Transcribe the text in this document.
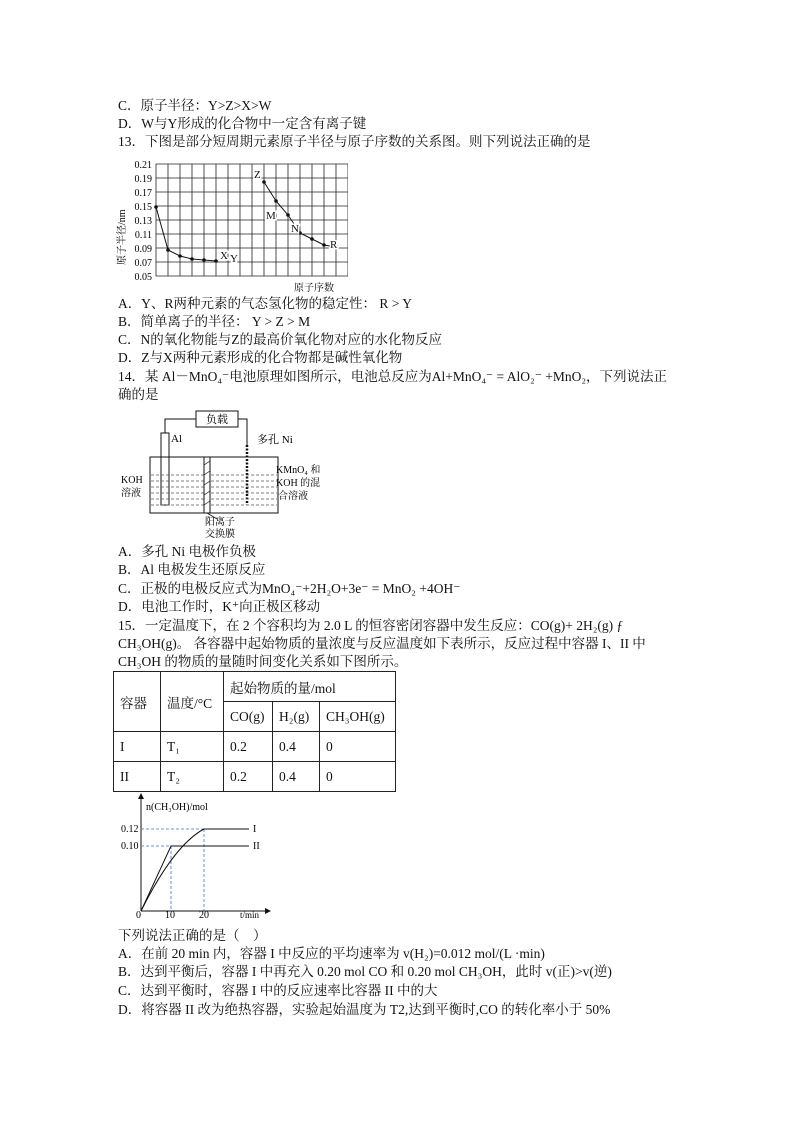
C．原子半径：Y>Z>X>W
D．W与Y形成的化合物中一定含有离子键
13．下图是部分短周期元素原子半径与原子序数的关系图。则下列说法正确的是
0.21
0.19
0.17
0.15
0.13
0.11
0.09
0.07
0.05
原子半径/nm
原子序数
X Y
Z
M
N
R
A．Y、R两种元素的气态氢化物的稳定性： R > Y
B．简单离子的半径： Y > Z > M
C．N的氧化物能与Z的最高价氧化物对应的水化物反应
D．Z与X两种元素形成的化合物都是碱性氧化物
14．某 Al－MnO₄⁻电池原理如图所示，电池总反应为Al+MnO₄⁻ = AlO₂⁻ +MnO₂，下列说法正
确的是
负载
Al	多孔 Ni
KOH
溶液
KMnO₄ 和
KOH 的混
合溶液
阳离子
交换膜
A．多孔 Ni 电极作负极
B．Al 电极发生还原反应
C．正极的电极反应式为MnO₄⁻+2H₂O+3e⁻ = MnO₂ +4OH⁻
D．电池工作时，K⁺向正极区移动
15．一定温度下，在 2 个容积均为 2.0 L 的恒容密闭容器中发生反应：CO(g)+ 2H₂(g) ƒ
CH₃OH(g)。 各容器中起始物质的量浓度与反应温度如下表所示，反应过程中容器 I、II 中
CH₃OH 的物质的量随时间变化关系如下图所示。
容器	温度/°C	起始物质的量/mol		
		CO(g)	H₂(g)	CH₃OH(g)
I	T₁	0.2	0.4	0
II	T₂	0.2	0.4	0
n(CH₃OH)/mol
t/min
0.12
0.10
0 10 20
I
II
下列说法正确的是（　）
A．在前 20 min 内，容器 I 中反应的平均速率为 v(H₂)=0.012 mol/(L ·min)
B．达到平衡后，容器 I 中再充入 0.20 mol CO 和 0.20 mol CH₃OH，此时 v(正)>v(逆)
C．达到平衡时，容器 I 中的反应速率比容器 II 中的大
D．将容器 II 改为绝热容器，实验起始温度为 T2,达到平衡时,CO 的转化率小于 50%
